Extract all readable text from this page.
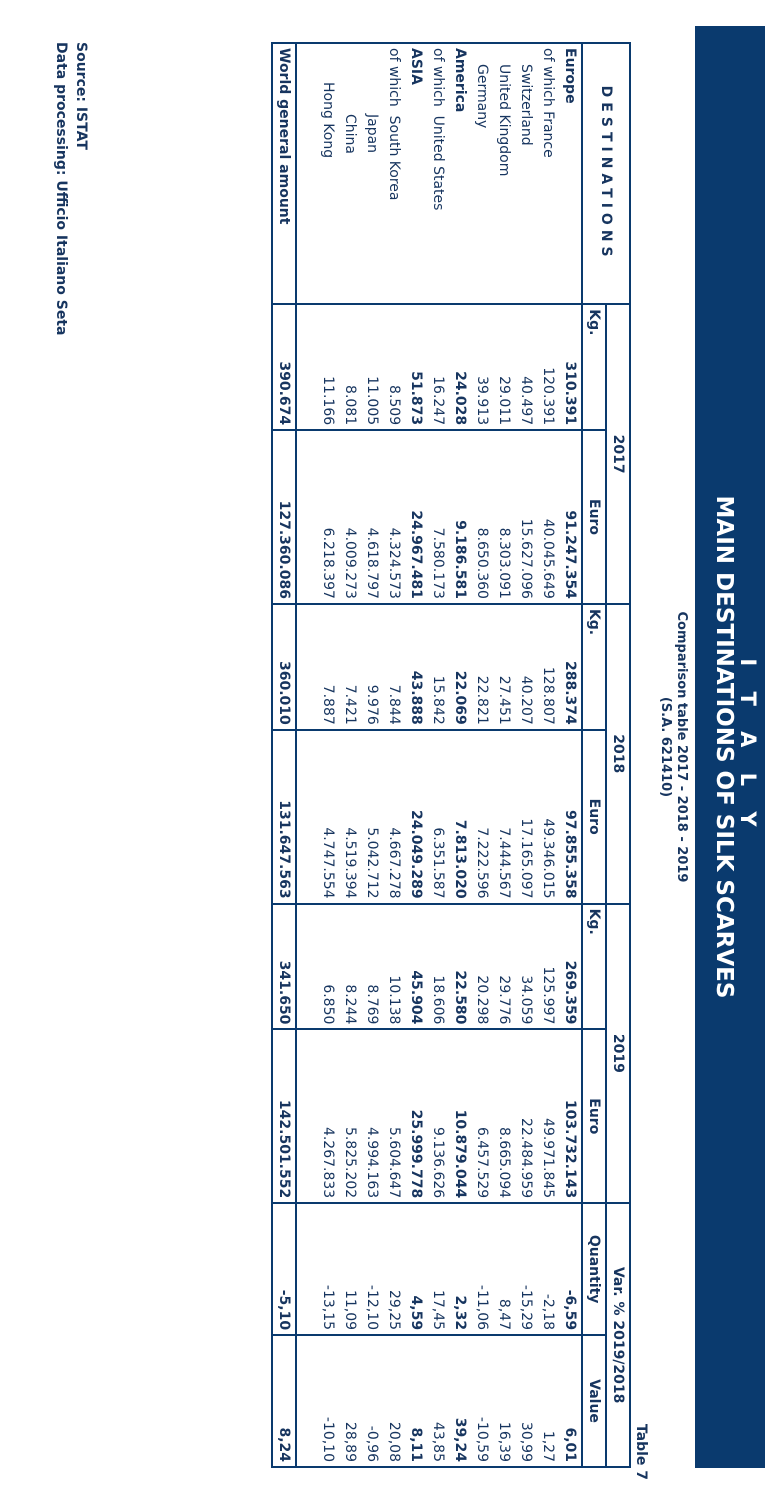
I T A L Y
MAIN DESTINATIONS OF SILK SCARVES
Comparison table 2017 - 2018 - 2019
(S.A. 621410)
Table 7
DESTINATIONS	2017		2018		2019		Var. % 2019/2018	
	Kg.	Euro	Kg.	Euro	Kg.	Euro	Quantity	Value
Europe	310.391	91.247.354	288.374	97.855.358	269.359	103.732.143	-6,59	6,01
of which France	120.391	40.045.649	128.807	49.346.015	125.997	49.971.845	-2,18	1,27
Switzerland	40.497	15.627.096	40.207	17.165.097	34.059	22.484.959	-15,29	30,99
United Kingdom	29.011	8.303.091	27.451	7.444.567	29.776	8.665.094	8,47	16,39
Germany	39.913	8.650.360	22.821	7.222.596	20.298	6.457.529	-11,06	-10,59
America	24.028	9.186.581	22.069	7.813.020	22.580	10.879.044	2,32	39,24
of which  United States	16.247	7.580.173	15.842	6.351.587	18.606	9.136.626	17,45	43,85
ASIA	51.873	24.967.481	43.888	24.049.289	45.904	25.999.778	4,59	8,11
of which  South Korea	8.509	4.324.573	7.844	4.667.278	10.138	5.604.647	29,25	20,08
Japan	11.005	4.618.797	9.976	5.042.712	8.769	4.994.163	-12,10	-0,96
China	8.081	4.009.273	7.421	4.519.394	8.244	5.825.202	11,09	28,89
Hong Kong	11.166	6.218.397	7.887	4.747.554	6.850	4.267.833	-13,15	-10,10
World general amount	390.674	127.360.086	360.010	131.647.563	341.650	142.501.552	-5,10	8,24
Source: ISTAT
Data processing: Ufficio Italiano Seta
